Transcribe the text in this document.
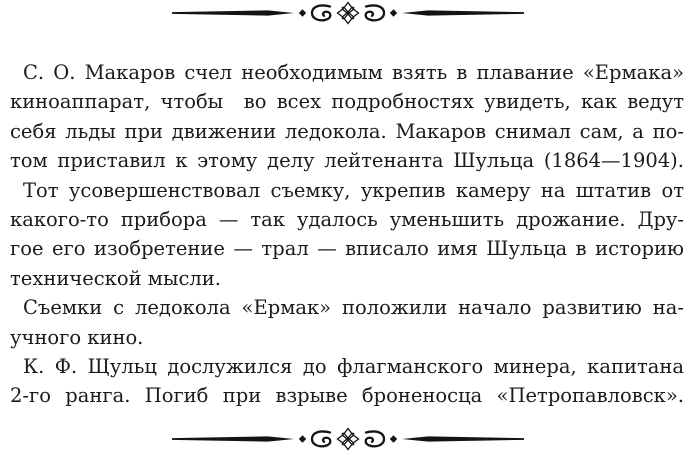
С. О. Макаров счел необходимым взять в плавание «Ермака»
киноаппарат, чтобы  во всех подробностях увидеть, как ведут
себя льды при движении ледокола. Макаров снимал сам, а по-
том приставил к этому делу лейтенанта Шульца (1864—1904).
Тот усовершенствовал съемку, укрепив камеру на штатив от
какого-то прибора — так удалось уменьшить дрожание. Дру-
гое его изобретение — трал — вписало имя Шульца в историю
технической мысли.
Съемки с ледокола «Ермак» положили начало развитию на-
учного кино.
К. Ф. Щульц дослужился до флагманского минера, капитана
2-го ранга. Погиб при взрыве броненосца «Петропавловск».
